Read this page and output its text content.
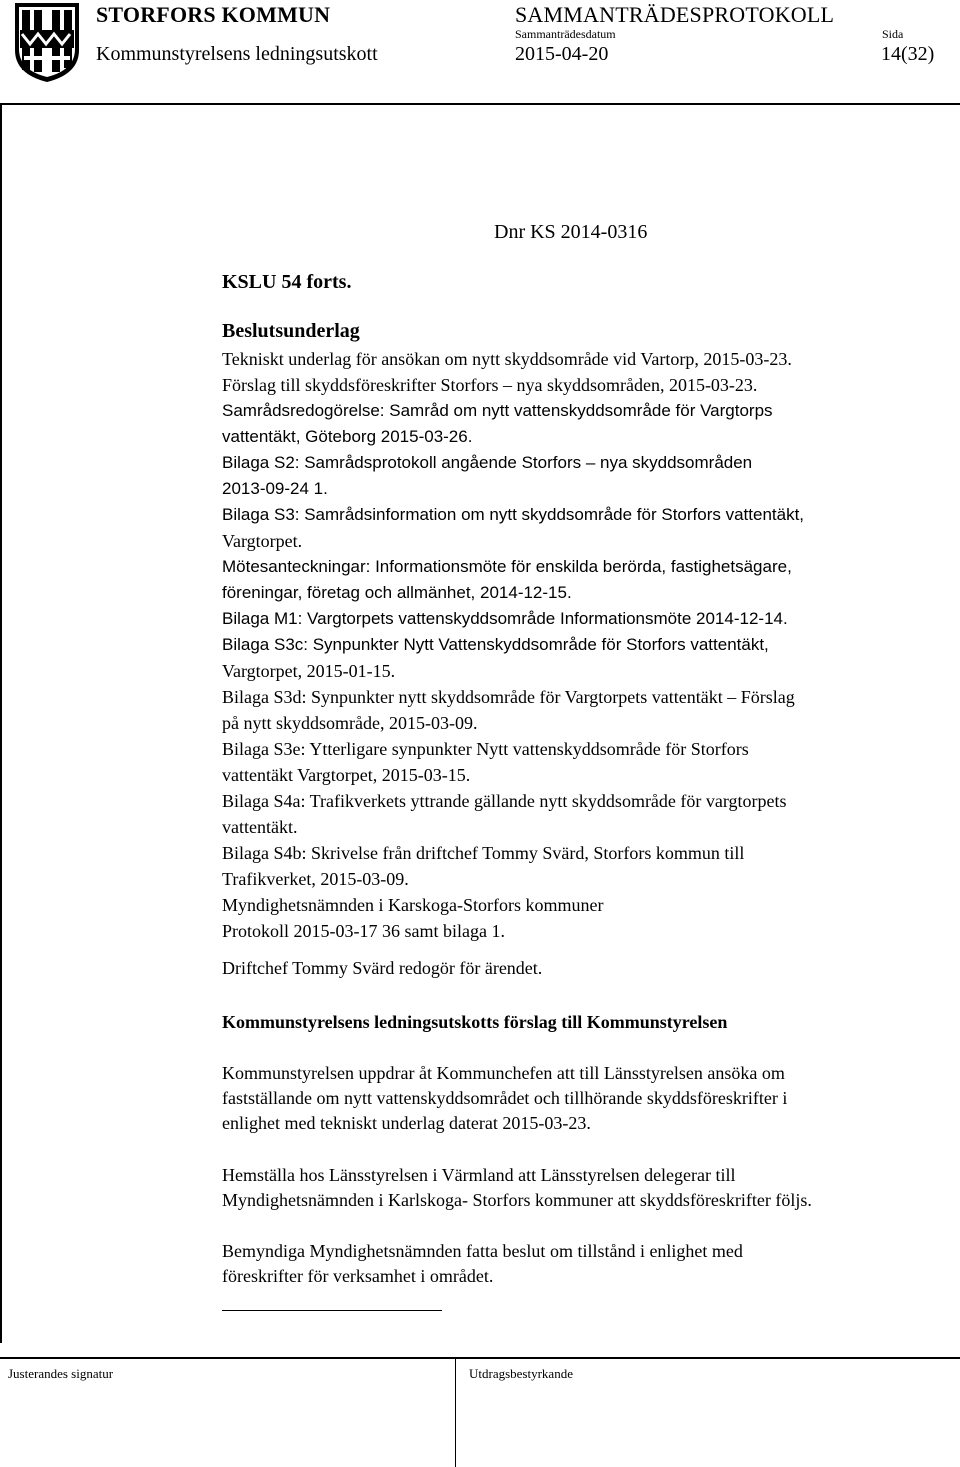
STORFORS KOMMUN
Kommunstyrelsens ledningsutskott
SAMMANTRÄDESPROTOKOLL
Sammanträdesdatum
2015-04-20
Sida
14(32)
Dnr KS 2014-0316
KSLU 54 forts.
Beslutsunderlag
Tekniskt underlag för ansökan om nytt skyddsområde vid Vartorp, 2015-03-23.
Förslag till skyddsföreskrifter Storfors – nya skyddsområden, 2015-03-23.
Samrådsredogörelse: Samråd om nytt vattenskyddsområde för Vargtorps
vattentäkt, Göteborg 2015-03-26.
Bilaga S2: Samrådsprotokoll angående Storfors – nya skyddsområden
2013-09-24 1.
Bilaga S3: Samrådsinformation om nytt skyddsområde för Storfors vattentäkt,
Vargtorpet.
Mötesanteckningar: Informationsmöte för enskilda berörda, fastighetsägare,
föreningar, företag och allmänhet, 2014-12-15.
Bilaga M1: Vargtorpets vattenskyddsområde Informationsmöte 2014-12-14.
Bilaga S3c: Synpunkter Nytt Vattenskyddsområde för Storfors vattentäkt,
Vargtorpet, 2015-01-15.
Bilaga S3d: Synpunkter nytt skyddsområde för Vargtorpets vattentäkt – Förslag
på nytt skyddsområde, 2015-03-09.
Bilaga S3e: Ytterligare synpunkter Nytt vattenskyddsområde för Storfors
vattentäkt Vargtorpet, 2015-03-15.
Bilaga S4a: Trafikverkets yttrande gällande nytt skyddsområde för vargtorpets
vattentäkt.
Bilaga S4b: Skrivelse från driftchef Tommy Svärd, Storfors kommun till
Trafikverket, 2015-03-09.
Myndighetsnämnden i Karskoga-Storfors kommuner
Protokoll 2015-03-17 36 samt bilaga 1.
Driftchef Tommy Svärd redogör för ärendet.
Kommunstyrelsens ledningsutskotts förslag till Kommunstyrelsen
Kommunstyrelsen uppdrar åt Kommunchefen att till Länsstyrelsen ansöka om
fastställande om nytt vattenskyddsområdet och tillhörande skyddsföreskrifter i
enlighet med tekniskt underlag daterat 2015-03-23.
Hemställa hos Länsstyrelsen i Värmland att Länsstyrelsen delegerar till
Myndighetsnämnden i Karlskoga- Storfors kommuner att skyddsföreskrifter följs.
Bemyndiga Myndighetsnämnden fatta beslut om tillstånd i enlighet med
föreskrifter för verksamhet i området.
Justerandes signatur	Utdragsbestyrkande
